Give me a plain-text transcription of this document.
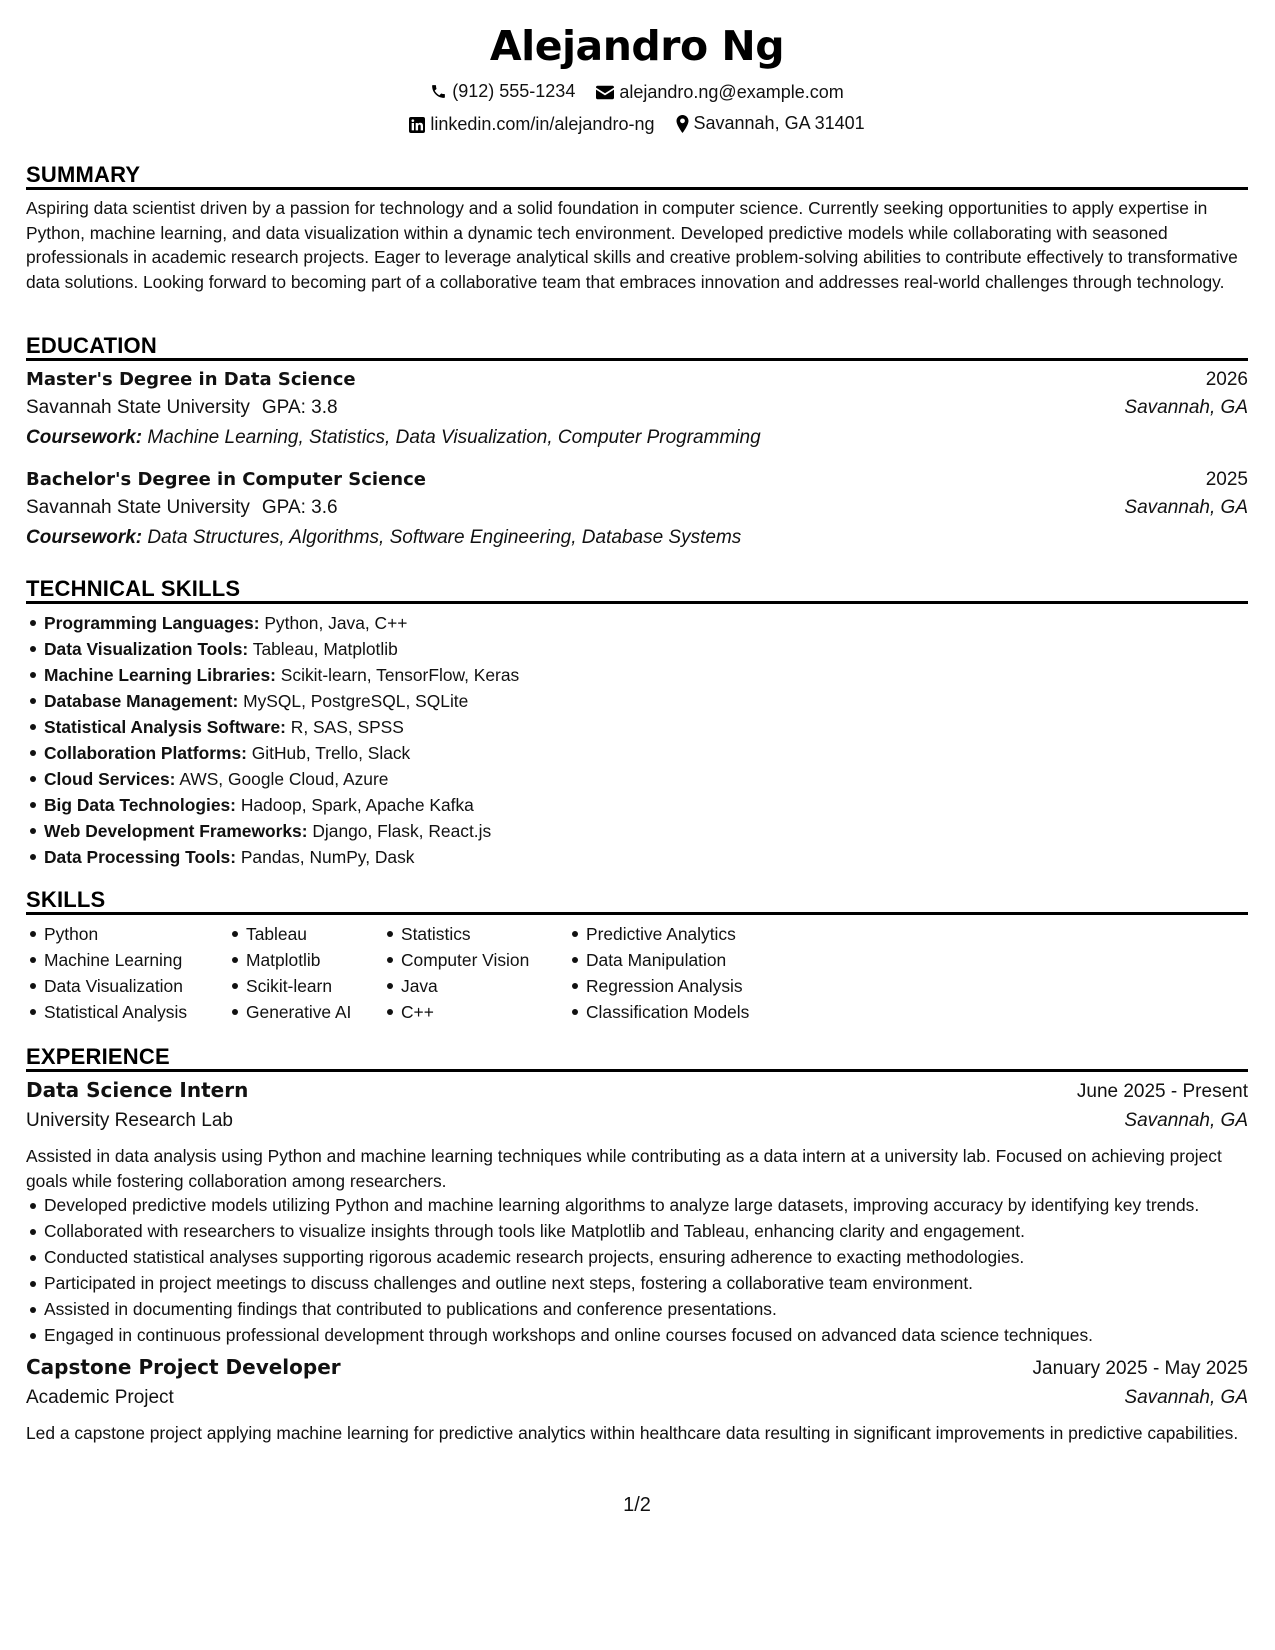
Alejandro Ng
(912) 555-1234
alejandro.ng@example.com
linkedin.com/in/alejandro-ng
Savannah, GA 31401
SUMMARY

Aspiring data scientist driven by a passion for technology and a solid foundation in computer science. Currently seeking opportunities to apply expertise in Python, machine learning, and data visualization within a dynamic tech environment. Developed predictive models while collaborating with seasoned professionals in academic research projects. Eager to leverage analytical skills and creative problem-solving abilities to contribute effectively to transformative data solutions. Looking forward to becoming part of a collaborative team that embraces innovation and addresses real-world challenges through technology.

EDUCATION
Master's Degree in Data Science	2026
Savannah State University GPA: 3.8	Savannah, GA
Coursework: Machine Learning, Statistics, Data Visualization, Computer Programming
Bachelor's Degree in Computer Science	2025
Savannah State University GPA: 3.6	Savannah, GA
Coursework: Data Structures, Algorithms, Software Engineering, Database Systems
TECHNICAL SKILLS
Programming Languages: Python, Java, C++
Data Visualization Tools: Tableau, Matplotlib
Machine Learning Libraries: Scikit-learn, TensorFlow, Keras
Database Management: MySQL, PostgreSQL, SQLite
Statistical Analysis Software: R, SAS, SPSS
Collaboration Platforms: GitHub, Trello, Slack
Cloud Services: AWS, Google Cloud, Azure
Big Data Technologies: Hadoop, Spark, Apache Kafka
Web Development Frameworks: Django, Flask, React.js
Data Processing Tools: Pandas, NumPy, Dask
SKILLS
Python
Machine Learning
Data Visualization
Statistical Analysis
Tableau
Matplotlib
Scikit-learn
Generative AI
Statistics
Computer Vision
Java
C++
Predictive Analytics
Data Manipulation
Regression Analysis
Classification Models
EXPERIENCE
Data Science Intern	June 2025 - Present
University Research Lab	Savannah, GA

Assisted in data analysis using Python and machine learning techniques while contributing as a data intern at a university lab. Focused on achieving project goals while fostering collaboration among researchers.

Developed predictive models utilizing Python and machine learning algorithms to analyze large datasets, improving accuracy by identifying key trends.
Collaborated with researchers to visualize insights through tools like Matplotlib and Tableau, enhancing clarity and engagement.
Conducted statistical analyses supporting rigorous academic research projects, ensuring adherence to exacting methodologies.
Participated in project meetings to discuss challenges and outline next steps, fostering a collaborative team environment.
Assisted in documenting findings that contributed to publications and conference presentations.
Engaged in continuous professional development through workshops and online courses focused on advanced data science techniques.
Capstone Project Developer	January 2025 - May 2025
Academic Project	Savannah, GA

Led a capstone project applying machine learning for predictive analytics within healthcare data resulting in significant improvements in predictive capabilities.

1/2
